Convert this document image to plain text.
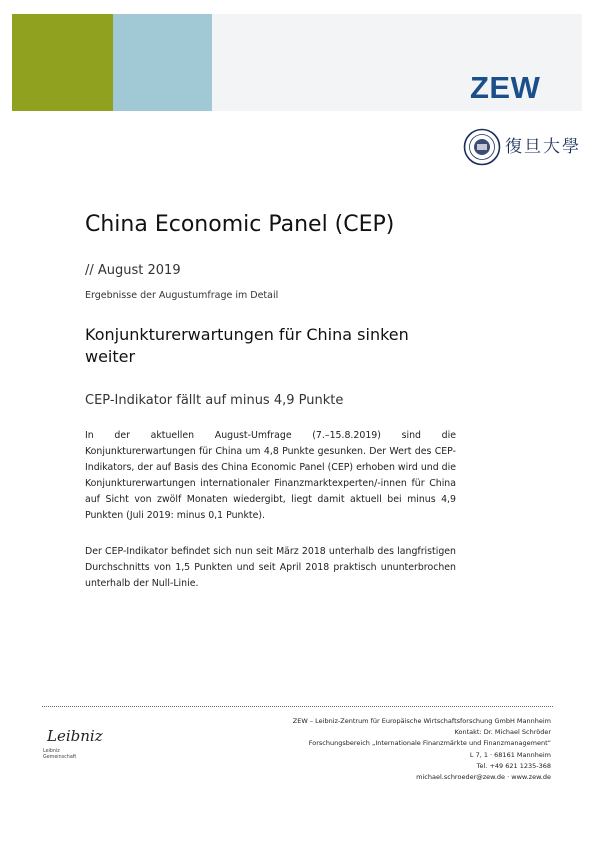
ZEW
復旦大學
China Economic Panel (CEP)
// August 2019
Ergebnisse der Augustumfrage im Detail
Konjunkturerwartungen für China sinken weiter
CEP-Indikator fällt auf minus 4,9 Punkte
In der aktuellen August-Umfrage (7.–15.8.2019) sind die Konjunkturerwartungen für China um 4,8 Punkte gesunken. Der Wert des CEP-Indikators, der auf Basis des China Economic Panel (CEP) erhoben wird und die Konjunkturerwartungen internationaler Finanzmarktexperten/-innen für China auf Sicht von zwölf Monaten wiedergibt, liegt damit aktuell bei minus 4,9 Punkten (Juli 2019: minus 0,1 Punkte).
Der CEP-Indikator befindet sich nun seit März 2018 unterhalb des langfristigen Durchschnitts von 1,5 Punkten und seit April 2018 praktisch ununterbrochen unterhalb der Null-Linie.
Leibniz
Leibniz
Gemeinschaft
ZEW – Leibniz-Zentrum für Europäische Wirtschaftsforschung GmbH Mannheim
Kontakt: Dr. Michael Schröder
Forschungsbereich „Internationale Finanzmärkte und Finanzmanagement“
L 7, 1 · 68161 Mannheim
Tel. +49 621 1235-368
michael.schroeder@zew.de · www.zew.de
